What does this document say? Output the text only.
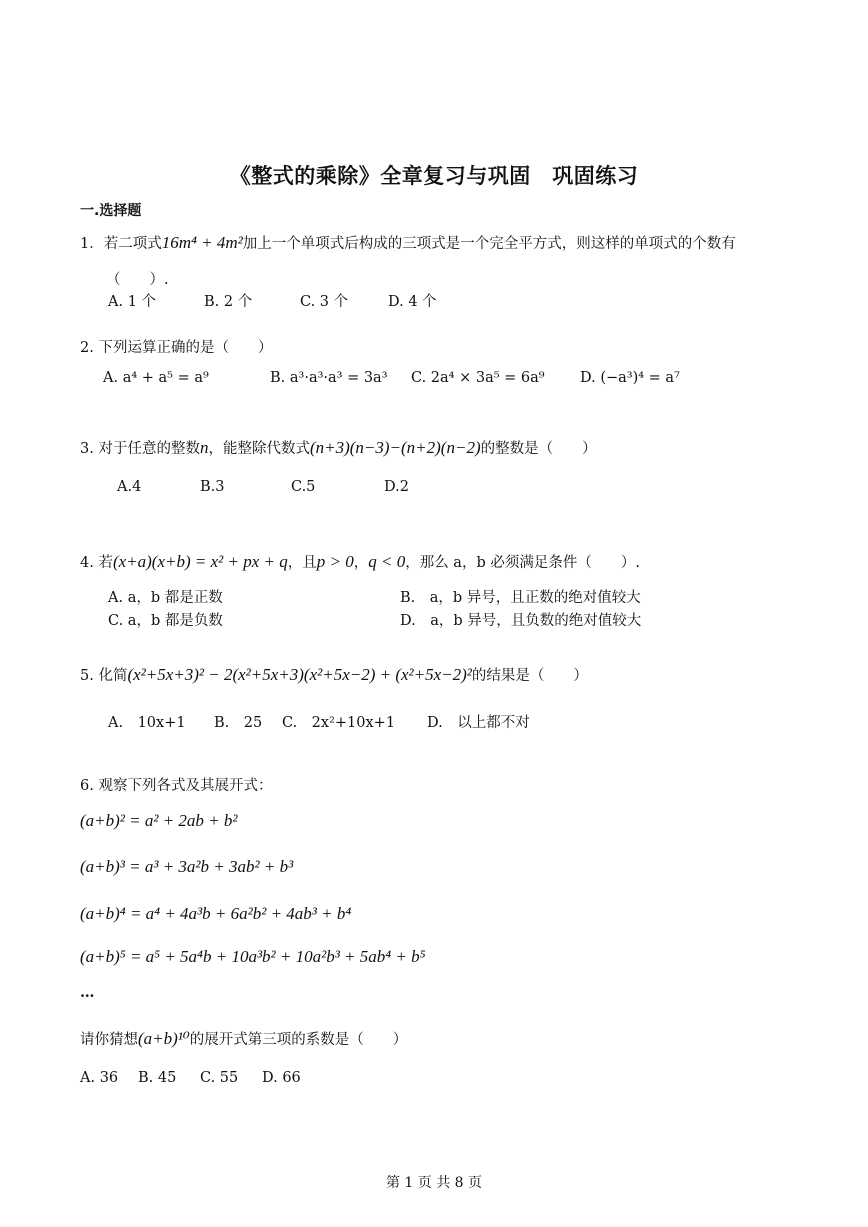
《整式的乘除》全章复习与巩固　巩固练习
一.选择题
1．若二项式16m⁴ + 4m²加上一个单项式后构成的三项式是一个完全平方式，则这样的单项式的个数有
（　　）.
A. 1 个	B. 2 个	C. 3 个	D. 4 个
2. 下列运算正确的是（　　）
A. a⁴ + a⁵ = a⁹	B. a³·a³·a³ = 3a³ C. 2a⁴ × 3a⁵ = 6a⁹ D. (−a³)⁴ = a⁷
3. 对于任意的整数n，能整除代数式(n+3)(n−3)−(n+2)(n−2)的整数是（　　）
A.4	B.3	C.5	D.2
4. 若(x+a)(x+b) = x² + px + q，且p > 0，q < 0，那么 a，b 必须满足条件（　　）.
A. a，b 都是正数	B.　a，b 异号，且正数的绝对值较大
C. a，b 都是负数	D.　a，b 异号，且负数的绝对值较大
5. 化简(x²+5x+3)² − 2(x²+5x+3)(x²+5x−2) + (x²+5x−2)²的结果是（　　）
A.　10x+1 B.　25 C.　2x²+10x+1 D.　以上都不对
6. 观察下列各式及其展开式：
(a+b)² = a² + 2ab + b²
(a+b)³ = a³ + 3a²b + 3ab² + b³
(a+b)⁴ = a⁴ + 4a³b + 6a²b² + 4ab³ + b⁴
(a+b)⁵ = a⁵ + 5a⁴b + 10a³b² + 10a²b³ + 5ab⁴ + b⁵
…
请你猜想(a+b)¹⁰的展开式第三项的系数是（　　）
A. 36 B. 45 C. 55 D. 66
第 1 页 共 8 页
